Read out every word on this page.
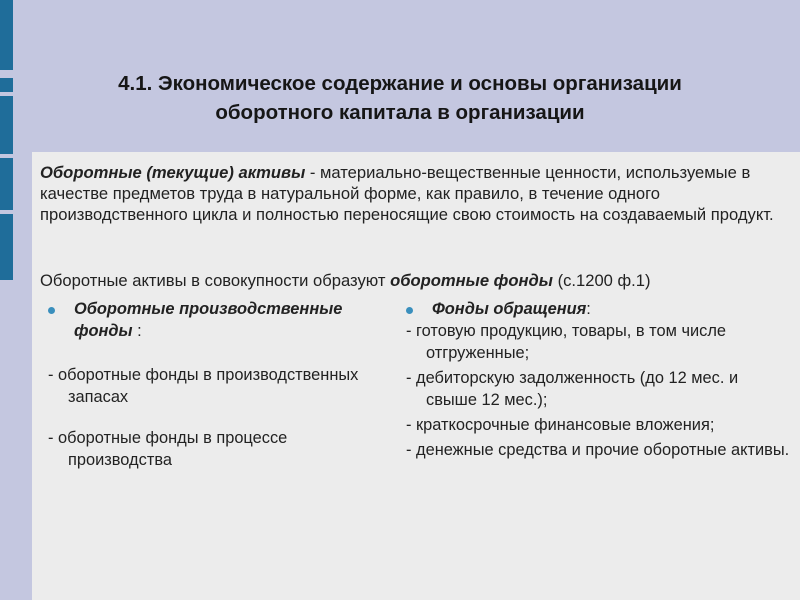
4.1. Экономическое содержание и основы организации
оборотного капитала в организации
Оборотные (текущие) активы - материально-вещественные ценности, используемые в качестве предметов труда в натуральной форме, как правило, в течение одного производственного цикла и полностью переносящие свою стоимость на создаваемый продукт.
Оборотные активы в совокупности образуют оборотные фонды (с.1200 ф.1)
Оборотные производственные фонды :
- оборотные фонды в производственных запасах
- оборотные фонды в процессе производства
Фонды обращения:
- готовую продукцию, товары, в том числе отгруженные;
- дебиторскую задолженность (до 12 мес. и свыше 12 мес.);
- краткосрочные финансовые вложения;
- денежные средства и прочие оборотные активы.
